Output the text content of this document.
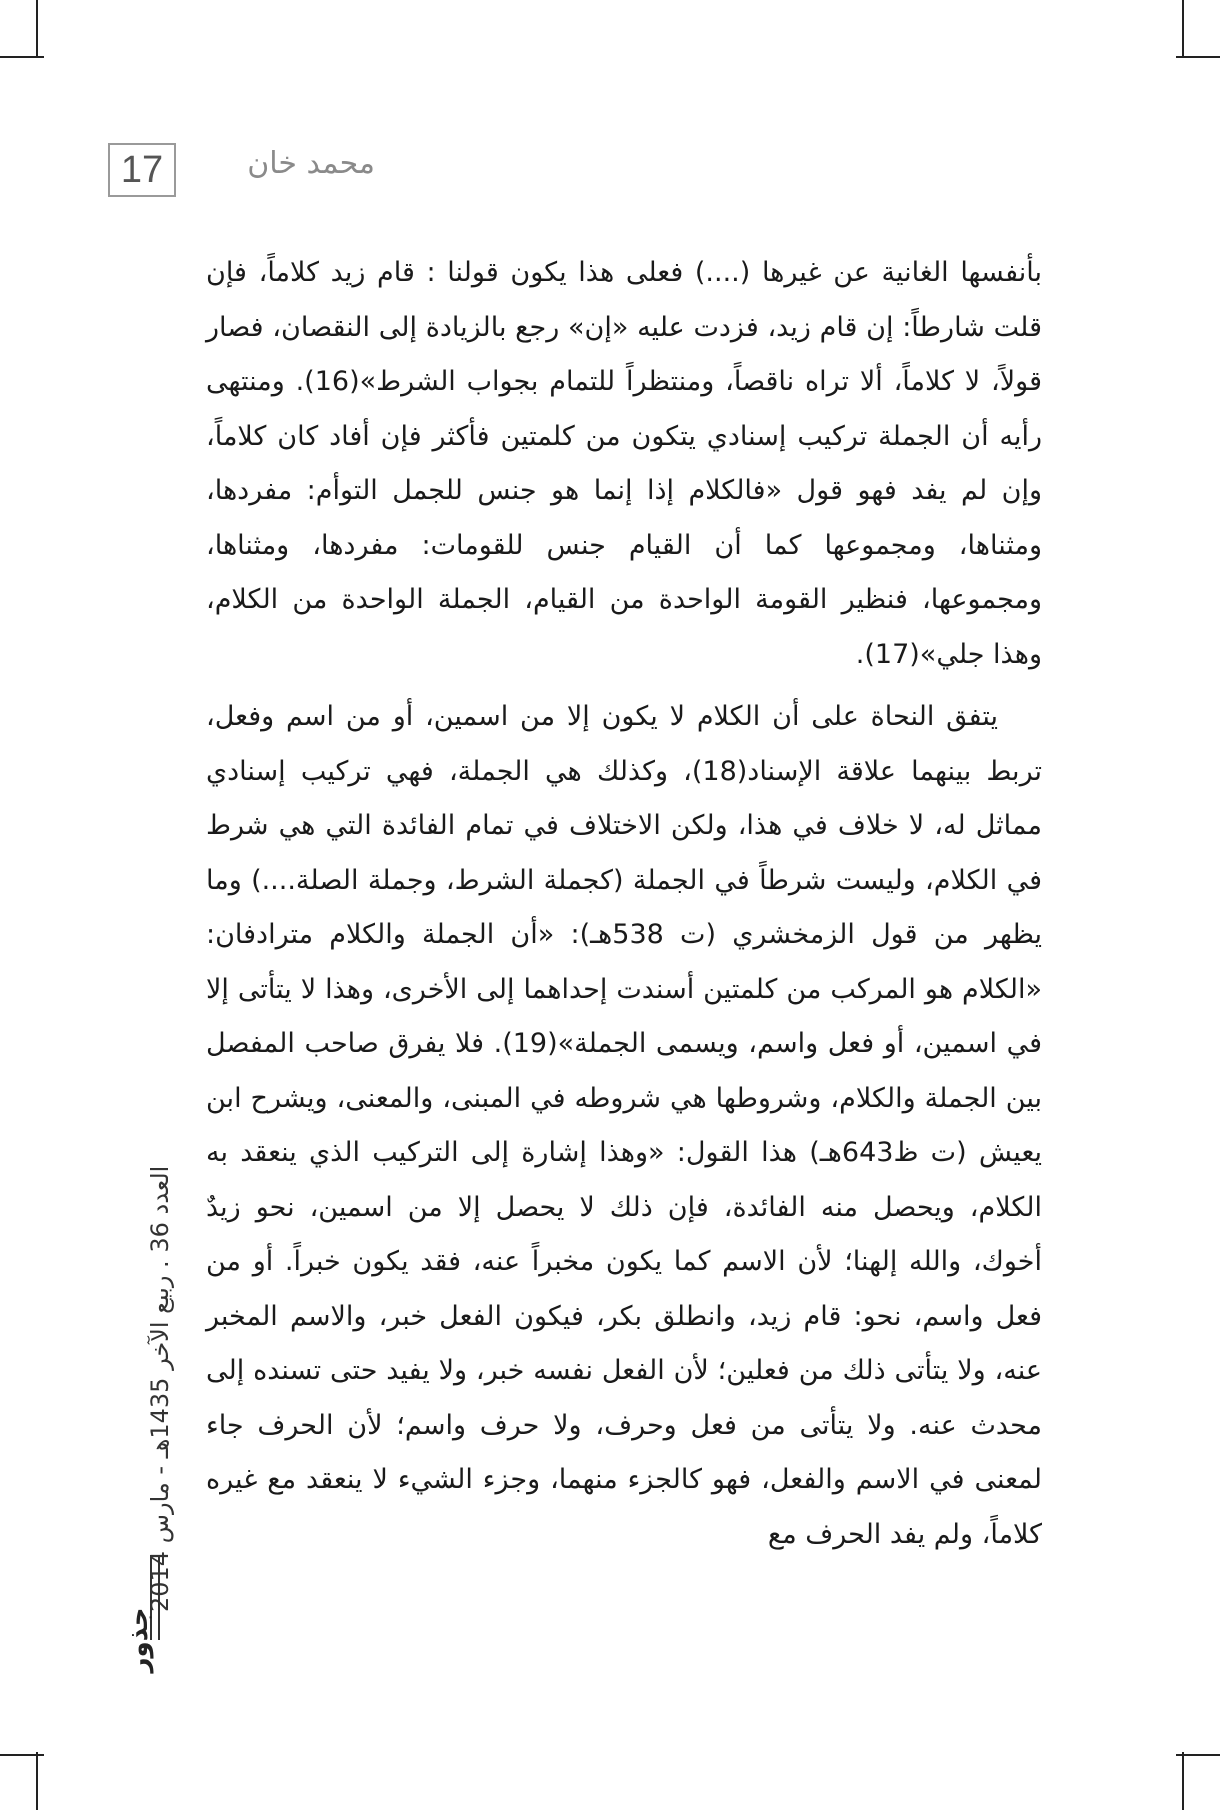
17	محمد خان

بأنفسها الغانية عن غيرها (....) فعلى هذا يكون قولنا : قام زيد كلاماً، فإن قلت شارطاً: إن قام زيد، فزدت عليه «إن» رجع بالزيادة إلى النقصان، فصار قولاً، لا كلاماً، ألا تراه ناقصاً، ومنتظراً للتمام بجواب الشرط»(16). ومنتهى رأيه أن الجملة تركيب إسنادي يتكون من كلمتين فأكثر فإن أفاد كان كلاماً، وإن لم يفد فهو قول «فالكلام إذا إنما هو جنس للجمل التوأم: مفردها، ومثناها، ومجموعها كما أن القيام جنس للقومات: مفردها، ومثناها، ومجموعها، فنظير القومة الواحدة من القيام، الجملة الواحدة من الكلام، وهذا جلي»(17).

يتفق النحاة على أن الكلام لا يكون إلا من اسمين، أو من اسم وفعل، تربط بينهما علاقة الإسناد(18)، وكذلك هي الجملة، فهي تركيب إسنادي مماثل له، لا خلاف في هذا، ولكن الاختلاف في تمام الفائدة التي هي شرط في الكلام، وليست شرطاً في الجملة (كجملة الشرط، وجملة الصلة....) وما يظهر من قول الزمخشري (ت 538هـ): «أن الجملة والكلام مترادفان: «الكلام هو المركب من كلمتين أسندت إحداهما إلى الأخرى، وهذا لا يتأتى إلا في اسمين، أو فعل واسم، ويسمى الجملة»(19). فلا يفرق صاحب المفصل بين الجملة والكلام، وشروطها هي شروطه في المبنى، والمعنى، ويشرح ابن يعيش (ت ظ643هـ) هذا القول: «وهذا إشارة إلى التركيب الذي ينعقد به الكلام، ويحصل منه الفائدة، فإن ذلك لا يحصل إلا من اسمين، نحو زيدٌ أخوك، والله إلهنا؛ لأن الاسم كما يكون مخبراً عنه، فقد يكون خبراً. أو من فعل واسم، نحو: قام زيد، وانطلق بكر، فيكون الفعل خبر، والاسم المخبر عنه، ولا يتأتى ذلك من فعلين؛ لأن الفعل نفسه خبر، ولا يفيد حتى تسنده إلى محدث عنه. ولا يتأتى من فعل وحرف، ولا حرف واسم؛ لأن الحرف جاء لمعنى في الاسم والفعل، فهو كالجزء منهما، وجزء الشيء لا ينعقد مع غيره كلاماً، ولم يفد الحرف مع

العدد 36 . ربيع الآخر 1435هـ - مارس 2014
جذور
